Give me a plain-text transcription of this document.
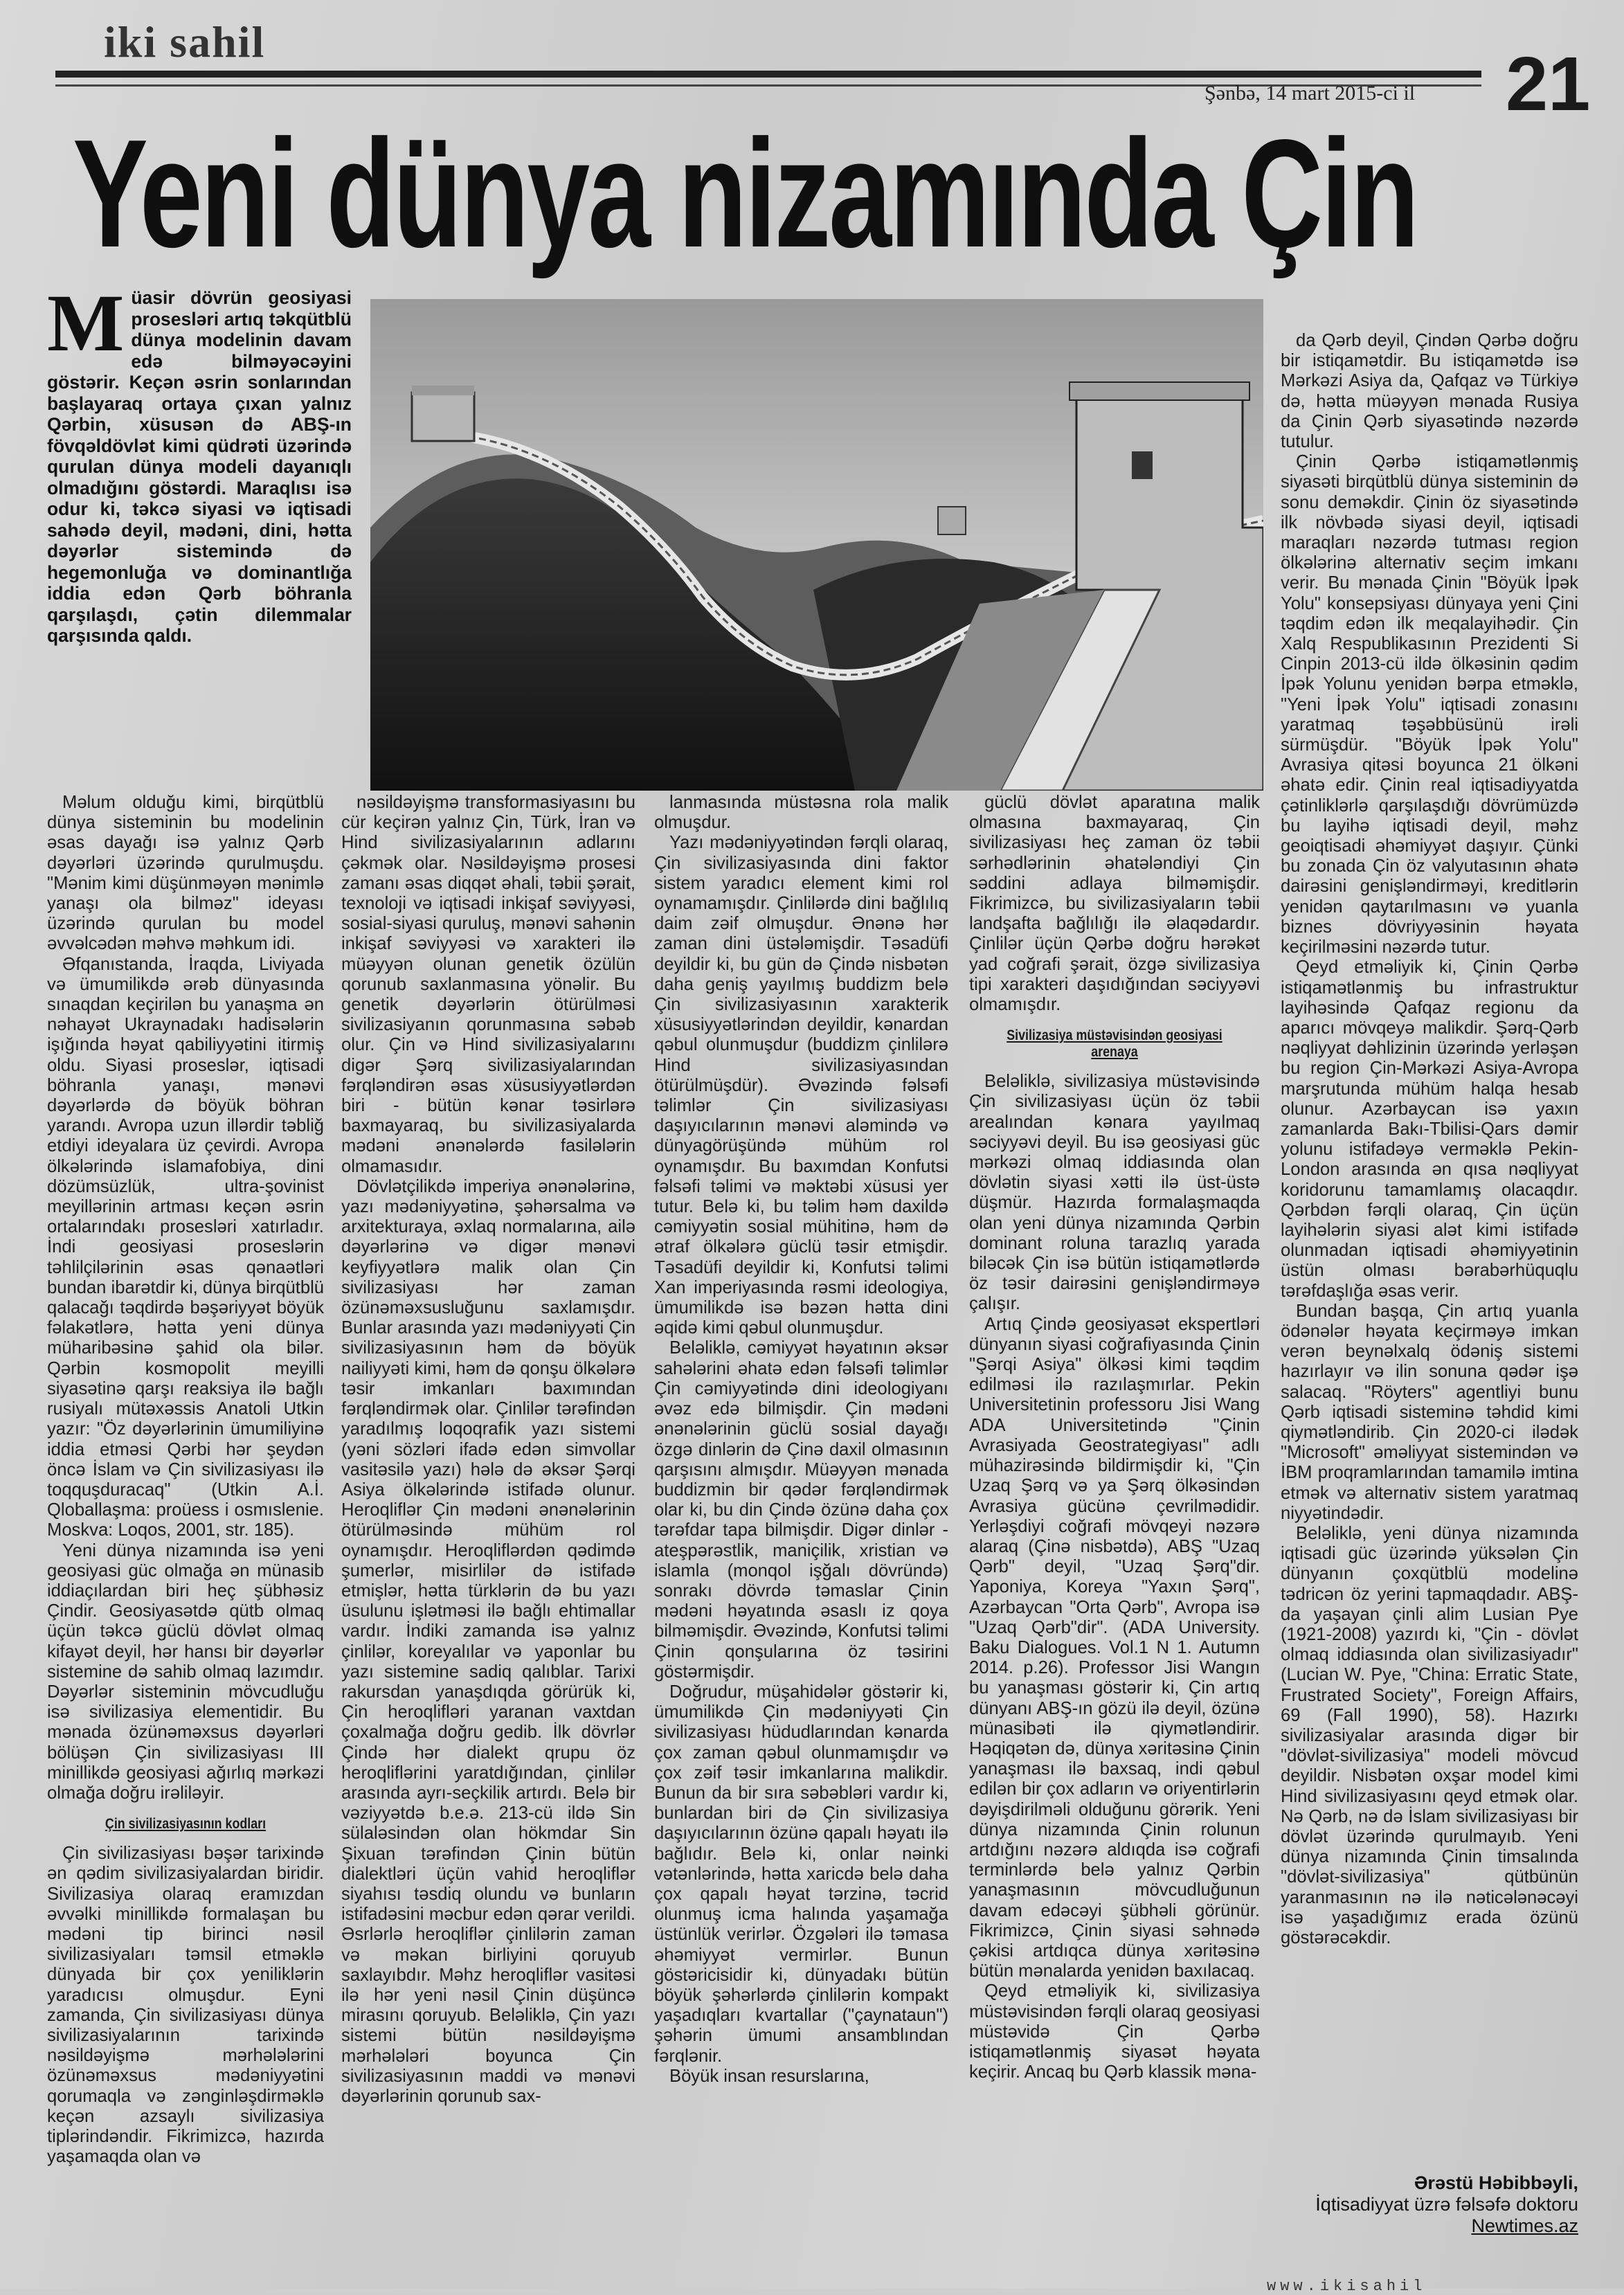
iki sahil
Şənbə, 14 mart 2015-ci il 21
Yeni dünya nizamında Çin
M üasir dövrün geosiyasi prosesləri artıq təkqütblü dünya modelinin davam edə bilməyəcəyini göstərir. Keçən əsrin sonlarından başlayaraq ortaya çıxan yalnız Qərbin, xüsusən də ABŞ-ın fövqəldövlət kimi qüdrəti üzərində qurulan dünya modeli dayanıqlı olmadığını göstərdi. Maraqlısı isə odur ki, təkcə siyasi və iqtisadi sahədə deyil, mədəni, dini, hətta dəyərlər sistemində də hegemonluğa və dominantlığa iddia edən Qərb böhranla qarşılaşdı, çətin dilemmalar qarşısında qaldı.

Məlum olduğu kimi, birqütblü dünya sisteminin bu modelinin əsas dayağı isə yalnız Qərb dəyərləri üzərində qurulmuşdu. "Mənim kimi düşünməyən mənimlə yanaşı ola bilməz" ideyası üzərində qurulan bu model əvvəlcədən məhvə məhkum idi.

Əfqanıstanda, İraqda, Liviyada və ümumilikdə ərəb dünyasında sınaqdan keçirilən bu yanaşma ən nəhayət Ukraynadakı hadisələrin işığında həyat qabiliyyətini itirmiş oldu. Siyasi proseslər, iqtisadi böhranla yanaşı, mənəvi dəyərlərdə də böyük böhran yarandı. Avropa uzun illərdir təbliğ etdiyi ideyalara üz çevirdi. Avropa ölkələrində islamafobiya, dini dözümsüzlük, ultra-şovinist meyillərinin artması keçən əsrin ortalarındakı prosesləri xatırladır. İndi geosiyasi proseslərin təhlilçilərinin əsas qənaətləri bundan ibarətdir ki, dünya birqütblü qalacağı təqdirdə bəşəriyyət böyük fəlakətlərə, hətta yeni dünya müharibəsinə şahid ola bilər. Qərbin kosmopolit meyilli siyasətinə qarşı reaksiya ilə bağlı rusiyalı mütəxəssis Anatoli Utkin yazır: "Öz dəyərlərinin ümumiliyinə iddia etməsi Qərbi hər şeydən öncə İslam və Çin sivilizasiyası ilə toqquşduracaq" (Utkin A.İ. Qloballaşma: proüess i osmıslenie. Moskva: Loqos, 2001, str. 185).

Yeni dünya nizamında isə yeni geosiyasi güc olmağa ən münasib iddiaçılardan biri heç şübhəsiz Çindir. Geosiyasətdə qütb olmaq üçün təkcə güclü dövlət olmaq kifayət deyil, hər hansı bir dəyərlər sistemine də sahib olmaq lazımdır. Dəyərlər sisteminin mövcudluğu isə sivilizasiya elementidir. Bu mənada özünəməxsus dəyərləri bölüşən Çin sivilizasiyası III minillikdə geosiyasi ağırlıq mərkəzi olmağa doğru irəliləyir.

Çin sivilizasiyasının kodları

Çin sivilizasiyası bəşər tarixində ən qədim sivilizasiyalardan biridir. Sivilizasiya olaraq eramızdan əvvəlki minillikdə formalaşan bu mədəni tip birinci nəsil sivilizasiyaları təmsil etməklə dünyada bir çox yeniliklərin yaradıcısı olmuşdur. Eyni zamanda, Çin sivilizasiyası dünya sivilizasiyalarının tarixində nəsildəyişmə mərhələlərini özünəməxsus mədəniyyətini qorumaqla və zənginləşdirməklə keçən azsaylı sivilizasiya tiplərindəndir. Fikrimizcə, hazırda yaşamaqda olan və

nəsildəyişmə transformasiyasını bu cür keçirən yalnız Çin, Türk, İran və Hind sivilizasiyalarının adlarını çəkmək olar. Nəsildəyişmə prosesi zamanı əsas diqqət əhali, təbii şərait, texnoloji və iqtisadi inkişaf səviyyəsi, sosial-siyasi quruluş, mənəvi sahənin inkişaf səviyyəsi və xarakteri ilə müəyyən olunan genetik özülün qorunub saxlanmasına yönəlir. Bu genetik dəyərlərin ötürülməsi sivilizasiyanın qorunmasına səbəb olur. Çin və Hind sivilizasiyalarını digər Şərq sivilizasiyalarından fərqləndirən əsas xüsusiyyətlərdən biri - bütün kənar təsirlərə baxmayaraq, bu sivilizasiyalarda mədəni ənənələrdə fasilələrin olmamasıdır.

Dövlətçilikdə imperiya ənənələrinə, yazı mədəniyyətinə, şəhərsalma və arxitekturaya, əxlaq normalarına, ailə dəyərlərinə və digər mənəvi keyfiyyətlərə malik olan Çin sivilizasiyası hər zaman özünəməxsusluğunu saxlamışdır. Bunlar arasında yazı mədəniyyəti Çin sivilizasiyasının həm də böyük nailiyyəti kimi, həm də qonşu ölkələrə təsir imkanları baxımından fərqləndirmək olar. Çinlilər tərəfindən yaradılmış loqoqrafik yazı sistemi (yəni sözləri ifadə edən simvollar vasitəsilə yazı) hələ də əksər Şərqi Asiya ölkələrində istifadə olunur. Heroqliflər Çin mədəni ənənələrinin ötürülməsində mühüm rol oynamışdır. Heroqliflərdən qədimdə şumerlər, misirlilər də istifadə etmişlər, hətta türklərin də bu yazı üsulunu işlətməsi ilə bağlı ehtimallar vardır. İndiki zamanda isə yalnız çinlilər, koreyalılar və yaponlar bu yazı sistemine sadiq qalıblar. Tarixi rakursdan yanaşdıqda görürük ki, Çin heroqlifləri yaranan vaxtdan çoxalmağa doğru gedib. İlk dövrlər Çində hər dialekt qrupu öz heroqliflərini yaratdığından, çinlilər arasında ayrı-seçkilik artırdı. Belə bir vəziyyətdə b.e.ə. 213-cü ildə Sin sülaləsindən olan hökmdar Sin Şixuan tərəfindən Çinin bütün dialektləri üçün vahid heroqliflər siyahısı təsdiq olundu və bunların istifadəsini məcbur edən qərar verildi. Əsrlərlə heroqliflər çinlilərin zaman və məkan birliyini qoruyub saxlayıbdır. Məhz heroqliflər vasitəsi ilə hər yeni nəsil Çinin düşüncə mirasını qoruyub. Beləliklə, Çin yazı sistemi bütün nəsildəyişmə mərhələləri boyunca Çin sivilizasiyasının maddi və mənəvi dəyərlərinin qorunub sax-

lanmasında müstəsna rola malik olmuşdur.

Yazı mədəniyyətindən fərqli olaraq, Çin sivilizasiyasında dini faktor sistem yaradıcı element kimi rol oynamamışdır. Çinlilərdə dini bağlılıq daim zəif olmuşdur. Ənənə hər zaman dini üstələmişdir. Təsadüfi deyildir ki, bu gün də Çində nisbətən daha geniş yayılmış buddizm belə Çin sivilizasiyasının xarakterik xüsusiyyətlərindən deyildir, kənardan qəbul olunmuşdur (buddizm çinlilərə Hind sivilizasiyasından ötürülmüşdür). Əvəzində fəlsəfi təlimlər Çin sivilizasiyası daşıyıcılarının mənəvi aləmində və dünyagörüşündə mühüm rol oynamışdır. Bu baxımdan Konfutsi fəlsəfi təlimi və məktəbi xüsusi yer tutur. Belə ki, bu təlim həm daxildə cəmiyyətin sosial mühitinə, həm də ətraf ölkələrə güclü təsir etmişdir. Təsadüfi deyildir ki, Konfutsi təlimi Xan imperiyasında rəsmi ideologiya, ümumilikdə isə bəzən hətta dini əqidə kimi qəbul olunmuşdur.

Beləliklə, cəmiyyət həyatının əksər sahələrini əhatə edən fəlsəfi təlimlər Çin cəmiyyətində dini ideologiyanı əvəz edə bilmişdir. Çin mədəni ənənələrinin güclü sosial dayağı özgə dinlərin də Çinə daxil olmasının qarşısını almışdır. Müəyyən mənada buddizmin bir qədər fərqləndirmək olar ki, bu din Çində özünə daha çox tərəfdar tapa bilmişdir. Digər dinlər - ateşpərəstlik, maniçilik, xristian və islamla (monqol işğalı dövründə) sonrakı dövrdə təmaslar Çinin mədəni həyatında əsaslı iz qoya bilməmişdir. Əvəzində, Konfutsi təlimi Çinin qonşularına öz təsirini göstərmişdir.

Doğrudur, müşahidələr göstərir ki, ümumilikdə Çin mədəniyyəti Çin sivilizasiyası hüdudlarından kənarda çox zaman qəbul olunmamışdır və çox zəif təsir imkanlarına malikdir. Bunun da bir sıra səbəbləri vardır ki, bunlardan biri də Çin sivilizasiya daşıyıcılarının özünə qapalı həyatı ilə bağlıdır. Belə ki, onlar nəinki vətənlərində, hətta xaricdə belə daha çox qapalı həyat tərzinə, təcrid olunmuş icma halında yaşamağa üstünlük verirlər. Özgələri ilə təmasa əhəmiyyət vermirlər. Bunun göstəricisidir ki, dünyadakı bütün böyük şəhərlərdə çinlilərin kompakt yaşadıqları kvartallar ("çaynataun") şəhərin ümumi ansamblından fərqlənir.

Böyük insan resurslarına,

güclü dövlət aparatına malik olmasına baxmayaraq, Çin sivilizasiyası heç zaman öz təbii sərhədlərinin əhatələndiyi Çin səddini adlaya bilməmişdir. Fikrimizcə, bu sivilizasiyaların təbii landşafta bağlılığı ilə əlaqədardır. Çinlilər üçün Qərbə doğru hərəkət yad coğrafi şərait, özgə sivilizasiya tipi xarakteri daşıdığından səciyyəvi olmamışdır.

Sivilizasiya müstəvisindən geosiyasi arenaya

Beləliklə, sivilizasiya müstəvisində Çin sivilizasiyası üçün öz təbii arealından kənara yayılmaq səciyyəvi deyil. Bu isə geosiyasi güc mərkəzi olmaq iddiasında olan dövlətin siyasi xətti ilə üst-üstə düşmür. Hazırda formalaşmaqda olan yeni dünya nizamında Qərbin dominant roluna tarazlıq yarada biləcək Çin isə bütün istiqamətlərdə öz təsir dairəsini genişləndirməyə çalışır.

Artıq Çində geosiyasət ekspertləri dünyanın siyasi coğrafiyasında Çinin "Şərqi Asiya" ölkəsi kimi təqdim edilməsi ilə razılaşmırlar. Pekin Universitetinin professoru Jisi Wang ADA Universitetində "Çinin Avrasiyada Geostrategiyası" adlı mühazirəsində bildirmişdir ki, "Çin Uzaq Şərq və ya Şərq ölkəsindən Avrasiya gücünə çevrilmədidir. Yerləşdiyi coğrafi mövqeyi nəzərə alaraq (Çinə nisbətdə), ABŞ "Uzaq Qərb" deyil, "Uzaq Şərq"dir. Yaponiya, Koreya "Yaxın Şərq", Azərbaycan "Orta Qərb", Avropa isə "Uzaq Qərb"dir". (ADA University. Baku Dialogues. Vol.1 N 1. Autumn 2014. p.26). Professor Jisi Wangın bu yanaşması göstərir ki, Çin artıq dünyanı ABŞ-ın gözü ilə deyil, özünə münasibəti ilə qiymətləndirir. Həqiqətən də, dünya xəritəsinə Çinin yanaşması ilə baxsaq, indi qəbul edilən bir çox adların və oriyentirlərin dəyişdirilməli olduğunu görərik. Yeni dünya nizamında Çinin rolunun artdığını nəzərə aldıqda isə coğrafi terminlərdə belə yalnız Qərbin yanaşmasının mövcudluğunun davam edəcəyi şübhəli görünür. Fikrimizcə, Çinin siyasi səhnədə çəkisi artdıqca dünya xəritəsinə bütün mənalarda yenidən baxılacaq.

Qeyd etməliyik ki, sivilizasiya müstəvisindən fərqli olaraq geosiyasi müstəvidə Çin Qərbə istiqamətlənmiş siyasət həyata keçirir. Ancaq bu Qərb klassik məna-

da Qərb deyil, Çindən Qərbə doğru bir istiqamətdir. Bu istiqamətdə isə Mərkəzi Asiya da, Qafqaz və Türkiyə də, hətta müəyyən mənada Rusiya da Çinin Qərb siyasətində nəzərdə tutulur.

Çinin Qərbə istiqamətlənmiş siyasəti birqütblü dünya sisteminin də sonu deməkdir. Çinin öz siyasətində ilk növbədə siyasi deyil, iqtisadi maraqları nəzərdə tutması region ölkələrinə alternativ seçim imkanı verir. Bu mənada Çinin "Böyük İpək Yolu" konsepsiyası dünyaya yeni Çini təqdim edən ilk meqalayihədir. Çin Xalq Respublikasının Prezidenti Si Cinpin 2013-cü ildə ölkəsinin qədim İpək Yolunu yenidən bərpa etməklə, "Yeni İpək Yolu" iqtisadi zonasını yaratmaq təşəbbüsünü irəli sürmüşdür. "Böyük İpək Yolu" Avrasiya qitəsi boyunca 21 ölkəni əhatə edir. Çinin real iqtisadiyyatda çətinliklərlə qarşılaşdığı dövrümüzdə bu layihə iqtisadi deyil, məhz geoiqtisadi əhəmiyyət daşıyır. Çünki bu zonada Çin öz valyutasının əhatə dairəsini genişləndirməyi, kreditlərin yenidən qaytarılmasını və yuanla biznes dövriyyəsinin həyata keçirilməsini nəzərdə tutur.

Qeyd etməliyik ki, Çinin Qərbə istiqamətlənmiş bu infrastruktur layihəsində Qafqaz regionu da aparıcı mövqeyə malikdir. Şərq-Qərb nəqliyyat dəhlizinin üzərində yerləşən bu region Çin-Mərkəzi Asiya-Avropa marşrutunda mühüm halqa hesab olunur. Azərbaycan isə yaxın zamanlarda Bakı-Tbilisi-Qars dəmir yolunu istifadəyə verməklə Pekin-London arasında ən qısa nəqliyyat koridorunu tamamlamış olacaqdır. Qərbdən fərqli olaraq, Çin üçün layihələrin siyasi alət kimi istifadə olunmadan iqtisadi əhəmiyyətinin üstün olması bərabərhüquqlu tərəfdaşlığa əsas verir.

Bundan başqa, Çin artıq yuanla ödənələr həyata keçirməyə imkan verən beynəlxalq ödəniş sistemi hazırlayır və ilin sonuna qədər işə salacaq. "Röyters" agentliyi bunu Qərb iqtisadi sisteminə təhdid kimi qiymətləndirib. Çin 2020-ci ilədək "Microsoft" əməliyyat sistemindən və İBM proqramlarından tamamilə imtina etmək və alternativ sistem yaratmaq niyyətindədir.

Beləliklə, yeni dünya nizamında iqtisadi güc üzərində yüksələn Çin dünyanın çoxqütblü modelinə tədricən öz yerini tapmaqdadır. ABŞ-da yaşayan çinli alim Lusian Pye (1921-2008) yazırdı ki, "Çin - dövlət olmaq iddiasında olan sivilizasiyadır" (Lucian W. Pye, "China: Erratic State, Frustrated Society", Foreign Affairs, 69 (Fall 1990), 58). Hazırkı sivilizasiyalar arasında digər bir "dövlət-sivilizasiya" modeli mövcud deyildir. Nisbətən oxşar model kimi Hind sivilizasiyasını qeyd etmək olar. Nə Qərb, nə də İslam sivilizasiyası bir dövlət üzərində qurulmayıb. Yeni dünya nizamında Çinin timsalında "dövlət-sivilizasiya" qütbünün yaranmasının nə ilə nəticələnəcəyi isə yaşadığımız erada özünü göstərəcəkdir.

Ərəstü Həbibbəyli,
İqtisadiyyat üzrə fəlsəfə doktoru
Newtimes.az
www.ikisahil
